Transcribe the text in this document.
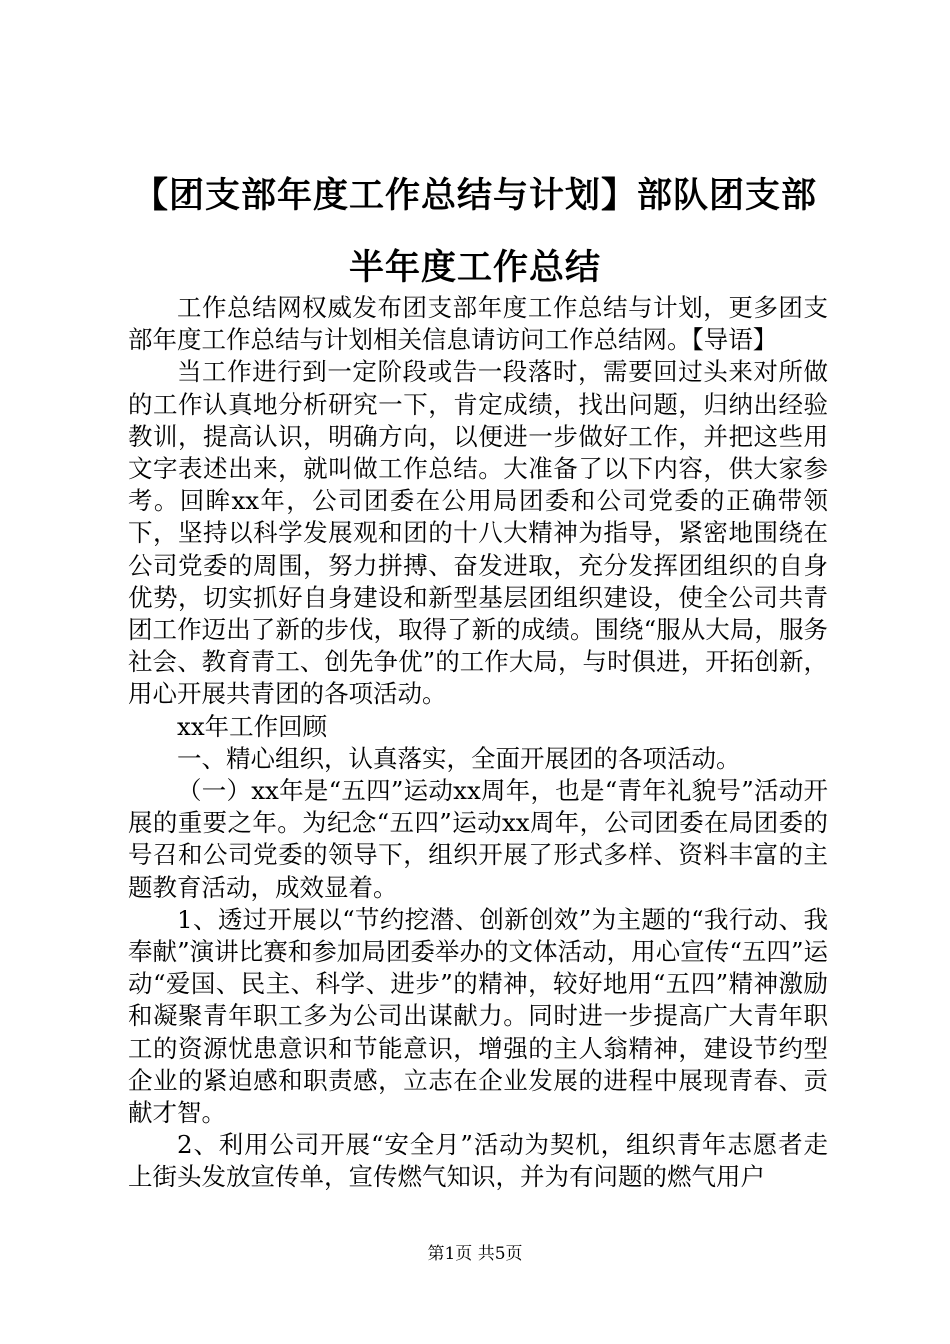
【团支部年度工作总结与计划】部队团支部半年度工作总结

工作总结网权威发布团支部年度工作总结与计划，更多团支部年度工作总结与计划相关信息请访问工作总结网。【导语】

当工作进行到一定阶段或告一段落时，需要回过头来对所做的工作认真地分析研究一下，肯定成绩，找出问题，归纳出经验教训，提高认识，明确方向，以便进一步做好工作，并把这些用文字表述出来，就叫做工作总结。大准备了以下内容，供大家参考。回眸xx年，公司团委在公用局团委和公司党委的正确带领下，坚持以科学发展观和团的十八大精神为指导，紧密地围绕在公司党委的周围，努力拼搏、奋发进取，充分发挥团组织的自身优势，切实抓好自身建设和新型基层团组织建设，使全公司共青团工作迈出了新的步伐，取得了新的成绩。围绕“服从大局，服务社会、教育青工、创先争优”的工作大局，与时俱进，开拓创新，用心开展共青团的各项活动。

xx年工作回顾

一、精心组织，认真落实，全面开展团的各项活动。

（一）xx年是“五四”运动xx周年，也是“青年礼貌号”活动开展的重要之年。为纪念“五四”运动xx周年，公司团委在局团委的号召和公司党委的领导下，组织开展了形式多样、资料丰富的主题教育活动，成效显着。

1、透过开展以“节约挖潜、创新创效”为主题的“我行动、我奉献”演讲比赛和参加局团委举办的文体活动，用心宣传“五四”运动“爱国、民主、科学、进步”的精神，较好地用“五四”精神激励和凝聚青年职工多为公司出谋献力。同时进一步提高广大青年职工的资源忧患意识和节能意识，增强的主人翁精神，建设节约型企业的紧迫感和职责感，立志在企业发展的进程中展现青春、贡献才智。

2、利用公司开展“安全月”活动为契机，组织青年志愿者走上街头发放宣传单，宣传燃气知识，并为有问题的燃气用户

第1页 共5页
